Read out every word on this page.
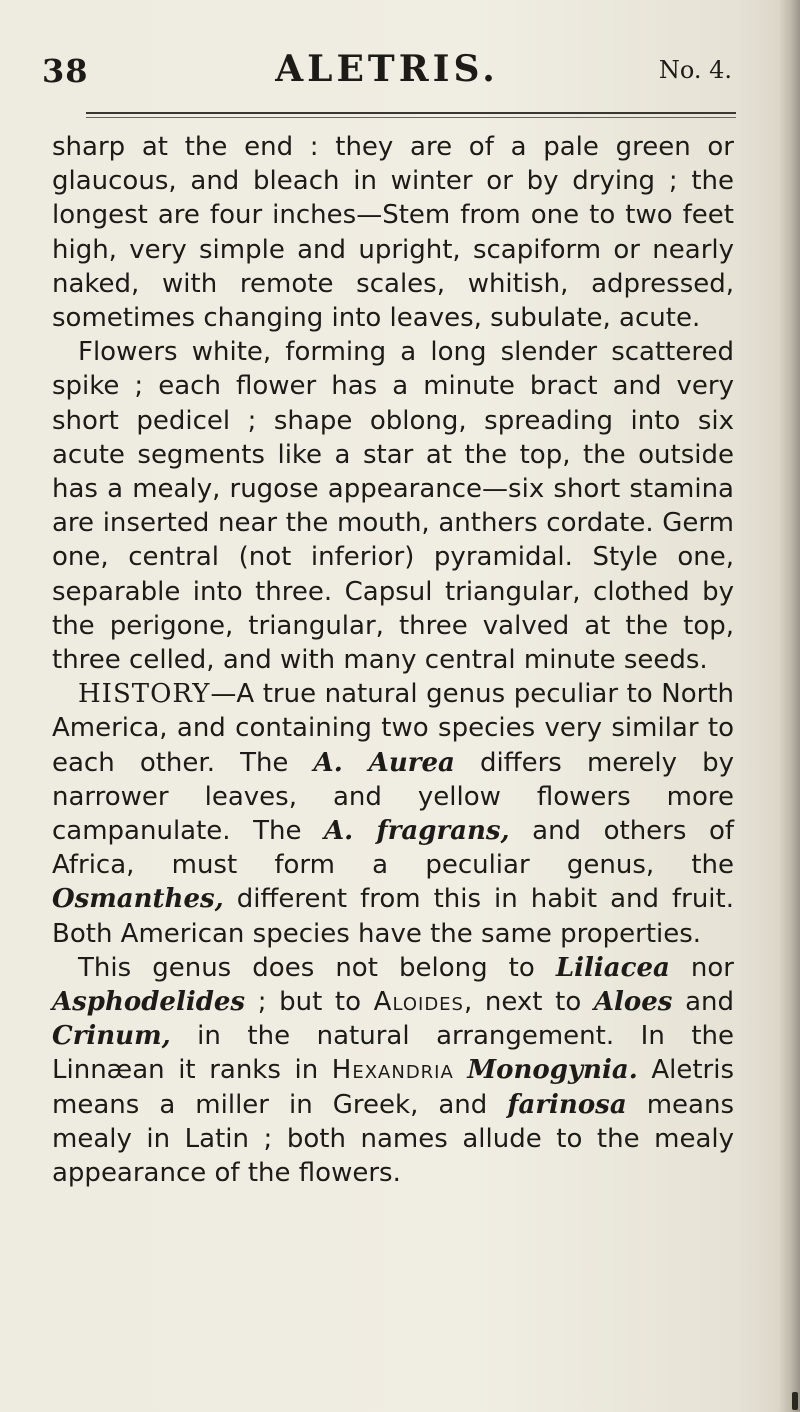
38	ALETRIS.	No. 4.

sharp at the end : they are of a pale green or glaucous, and bleach in winter or by drying ; the longest are four inches—Stem from one to two feet high, very simple and upright, scapiform or nearly naked, with remote scales, whitish, adpressed, sometimes changing into leaves, subulate, acute.

Flowers white, forming a long slender scattered spike ; each flower has a minute bract and very short pedicel ; shape oblong, spreading into six acute segments like a star at the top, the outside has a mealy, rugose appearance—six short stamina are inserted near the mouth, anthers cordate. Germ one, central (not inferior) pyramidal. Style one, separable into three. Capsul triangular, clothed by the perigone, triangular, three valved at the top, three celled, and with many central minute seeds.

HISTORY—A true natural genus peculiar to North America, and containing two species very similar to each other. The A. Aurea differs merely by narrower leaves, and yellow flowers more campanulate. The A. fragrans, and others of Africa, must form a peculiar genus, the Osmanthes, different from this in habit and fruit. Both American species have the same properties.

This genus does not belong to Liliacea nor Asphodelides ; but to Aloides, next to Aloes and Crinum, in the natural arrangement. In the Linnæan it ranks in Hexandria Monogynia. Aletris means a miller in Greek, and farinosa means mealy in Latin ; both names allude to the mealy appearance of the flowers.
